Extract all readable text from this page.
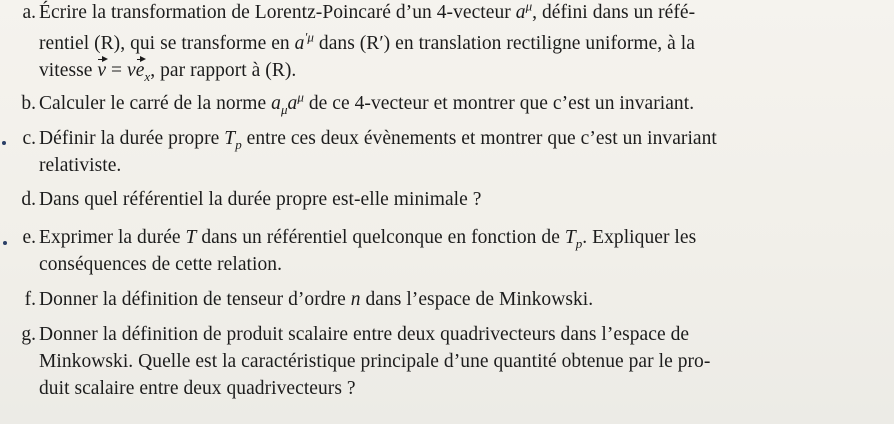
a. Écrire la transformation de Lorentz-Poincaré d’un 4-vecteur $a^\mu$, défini dans un réfé-
rentiel (R), qui se transforme en $a^{'\mu}$ dans (R′) en translation rectiligne uniforme, à la
vitesse $v = ve_x$, par rapport à (R).
b. Calculer le carré de la norme $a_\mu a^\mu$ de ce 4-vecteur et montrer que c’est un invariant.
c. Définir la durée propre $T_p$ entre ces deux évènements et montrer que c’est un invariant
relativiste.
d. Dans quel référentiel la durée propre est-elle minimale ?
e. Exprimer la durée T dans un référentiel quelconque en fonction de $T_p$. Expliquer les
conséquences de cette relation.
f. Donner la définition de tenseur d’ordre n dans l’espace de Minkowski.
g. Donner la définition de produit scalaire entre deux quadrivecteurs dans l’espace de
Minkowski. Quelle est la caractéristique principale d’une quantité obtenue par le pro-
duit scalaire entre deux quadrivecteurs ?
